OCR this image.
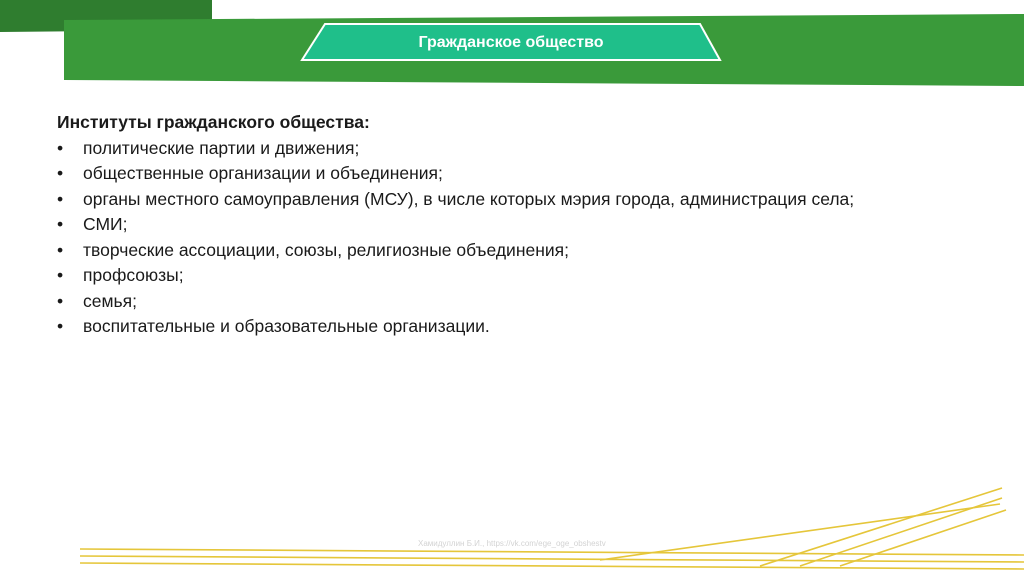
Гражданское общество

Институты гражданского общества:

• политические партии и движения;
• общественные организации и объединения;
• органы местного самоуправления (МСУ), в числе которых мэрия города, администрация села;
• СМИ;
• творческие ассоциации, союзы, религиозные объединения;
• профсоюзы;
• семья;
• воспитательные и образовательные организации.
Хамидуллин Б.И., https://vk.com/ege_oge_obshestv
